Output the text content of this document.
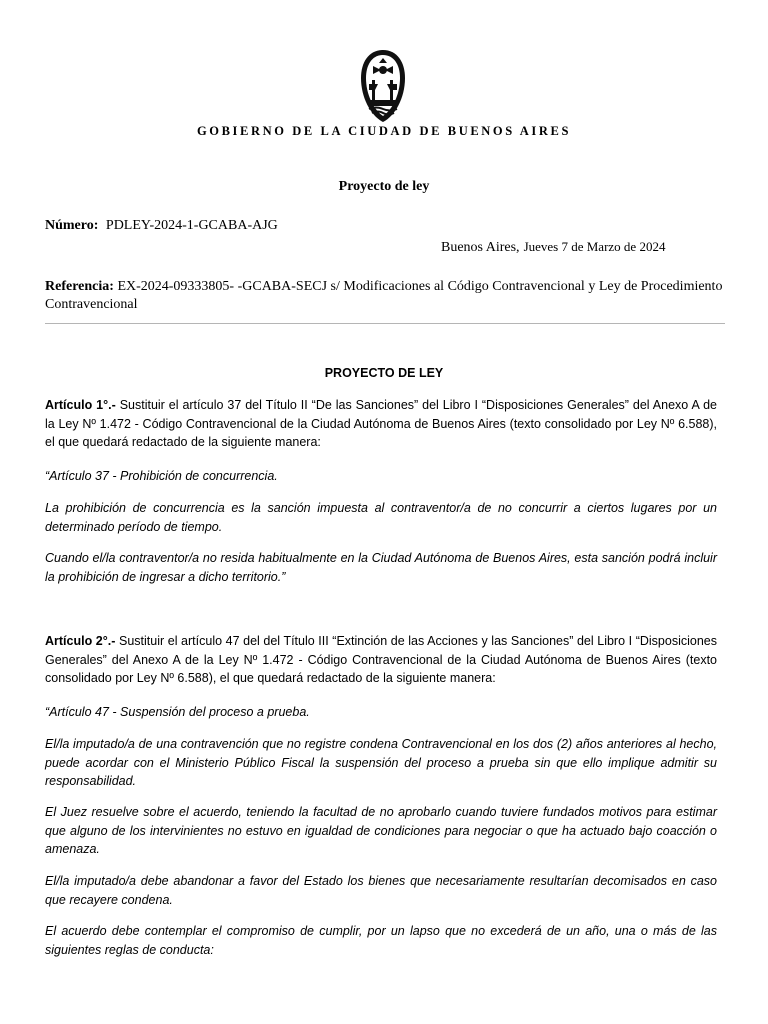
GOBIERNO DE LA CIUDAD DE BUENOS AIRES
Proyecto de ley
Número: PDLEY-2024-1-GCABA-AJG
Buenos Aires, Jueves 7 de Marzo de 2024
Referencia: EX-2024-09333805- -GCABA-SECJ s/ Modificaciones al Código Contravencional y Ley de Procedimiento Contravencional
PROYECTO DE LEY

Artículo 1°.- Sustituir el artículo 37 del Título II “De las Sanciones” del Libro I “Disposiciones Generales” del Anexo A de la Ley Nº 1.472 - Código Contravencional de la Ciudad Autónoma de Buenos Aires (texto consolidado por Ley Nº 6.588), el que quedará redactado de la siguiente manera:

“Artículo 37 - Prohibición de concurrencia.

La prohibición de concurrencia es la sanción impuesta al contraventor/a de no concurrir a ciertos lugares por un determinado período de tiempo.

Cuando el/la contraventor/a no resida habitualmente en la Ciudad Autónoma de Buenos Aires, esta sanción podrá incluir la prohibición de ingresar a dicho territorio.”

Artículo 2°.- Sustituir el artículo 47 del del Título III “Extinción de las Acciones y las Sanciones” del Libro I “Disposiciones Generales” del Anexo A de la Ley Nº 1.472 - Código Contravencional de la Ciudad Autónoma de Buenos Aires (texto consolidado por Ley Nº 6.588), el que quedará redactado de la siguiente manera:

“Artículo 47 - Suspensión del proceso a prueba.

El/la imputado/a de una contravención que no registre condena Contravencional en los dos (2) años anteriores al hecho, puede acordar con el Ministerio Público Fiscal la suspensión del proceso a prueba sin que ello implique admitir su responsabilidad.

El Juez resuelve sobre el acuerdo, teniendo la facultad de no aprobarlo cuando tuviere fundados motivos para estimar que alguno de los intervinientes no estuvo en igualdad de condiciones para negociar o que ha actuado bajo coacción o amenaza.

El/la imputado/a debe abandonar a favor del Estado los bienes que necesariamente resultarían decomisados en caso que recayere condena.

El acuerdo debe contemplar el compromiso de cumplir, por un lapso que no excederá de un año, una o más de las siguientes reglas de conducta:
